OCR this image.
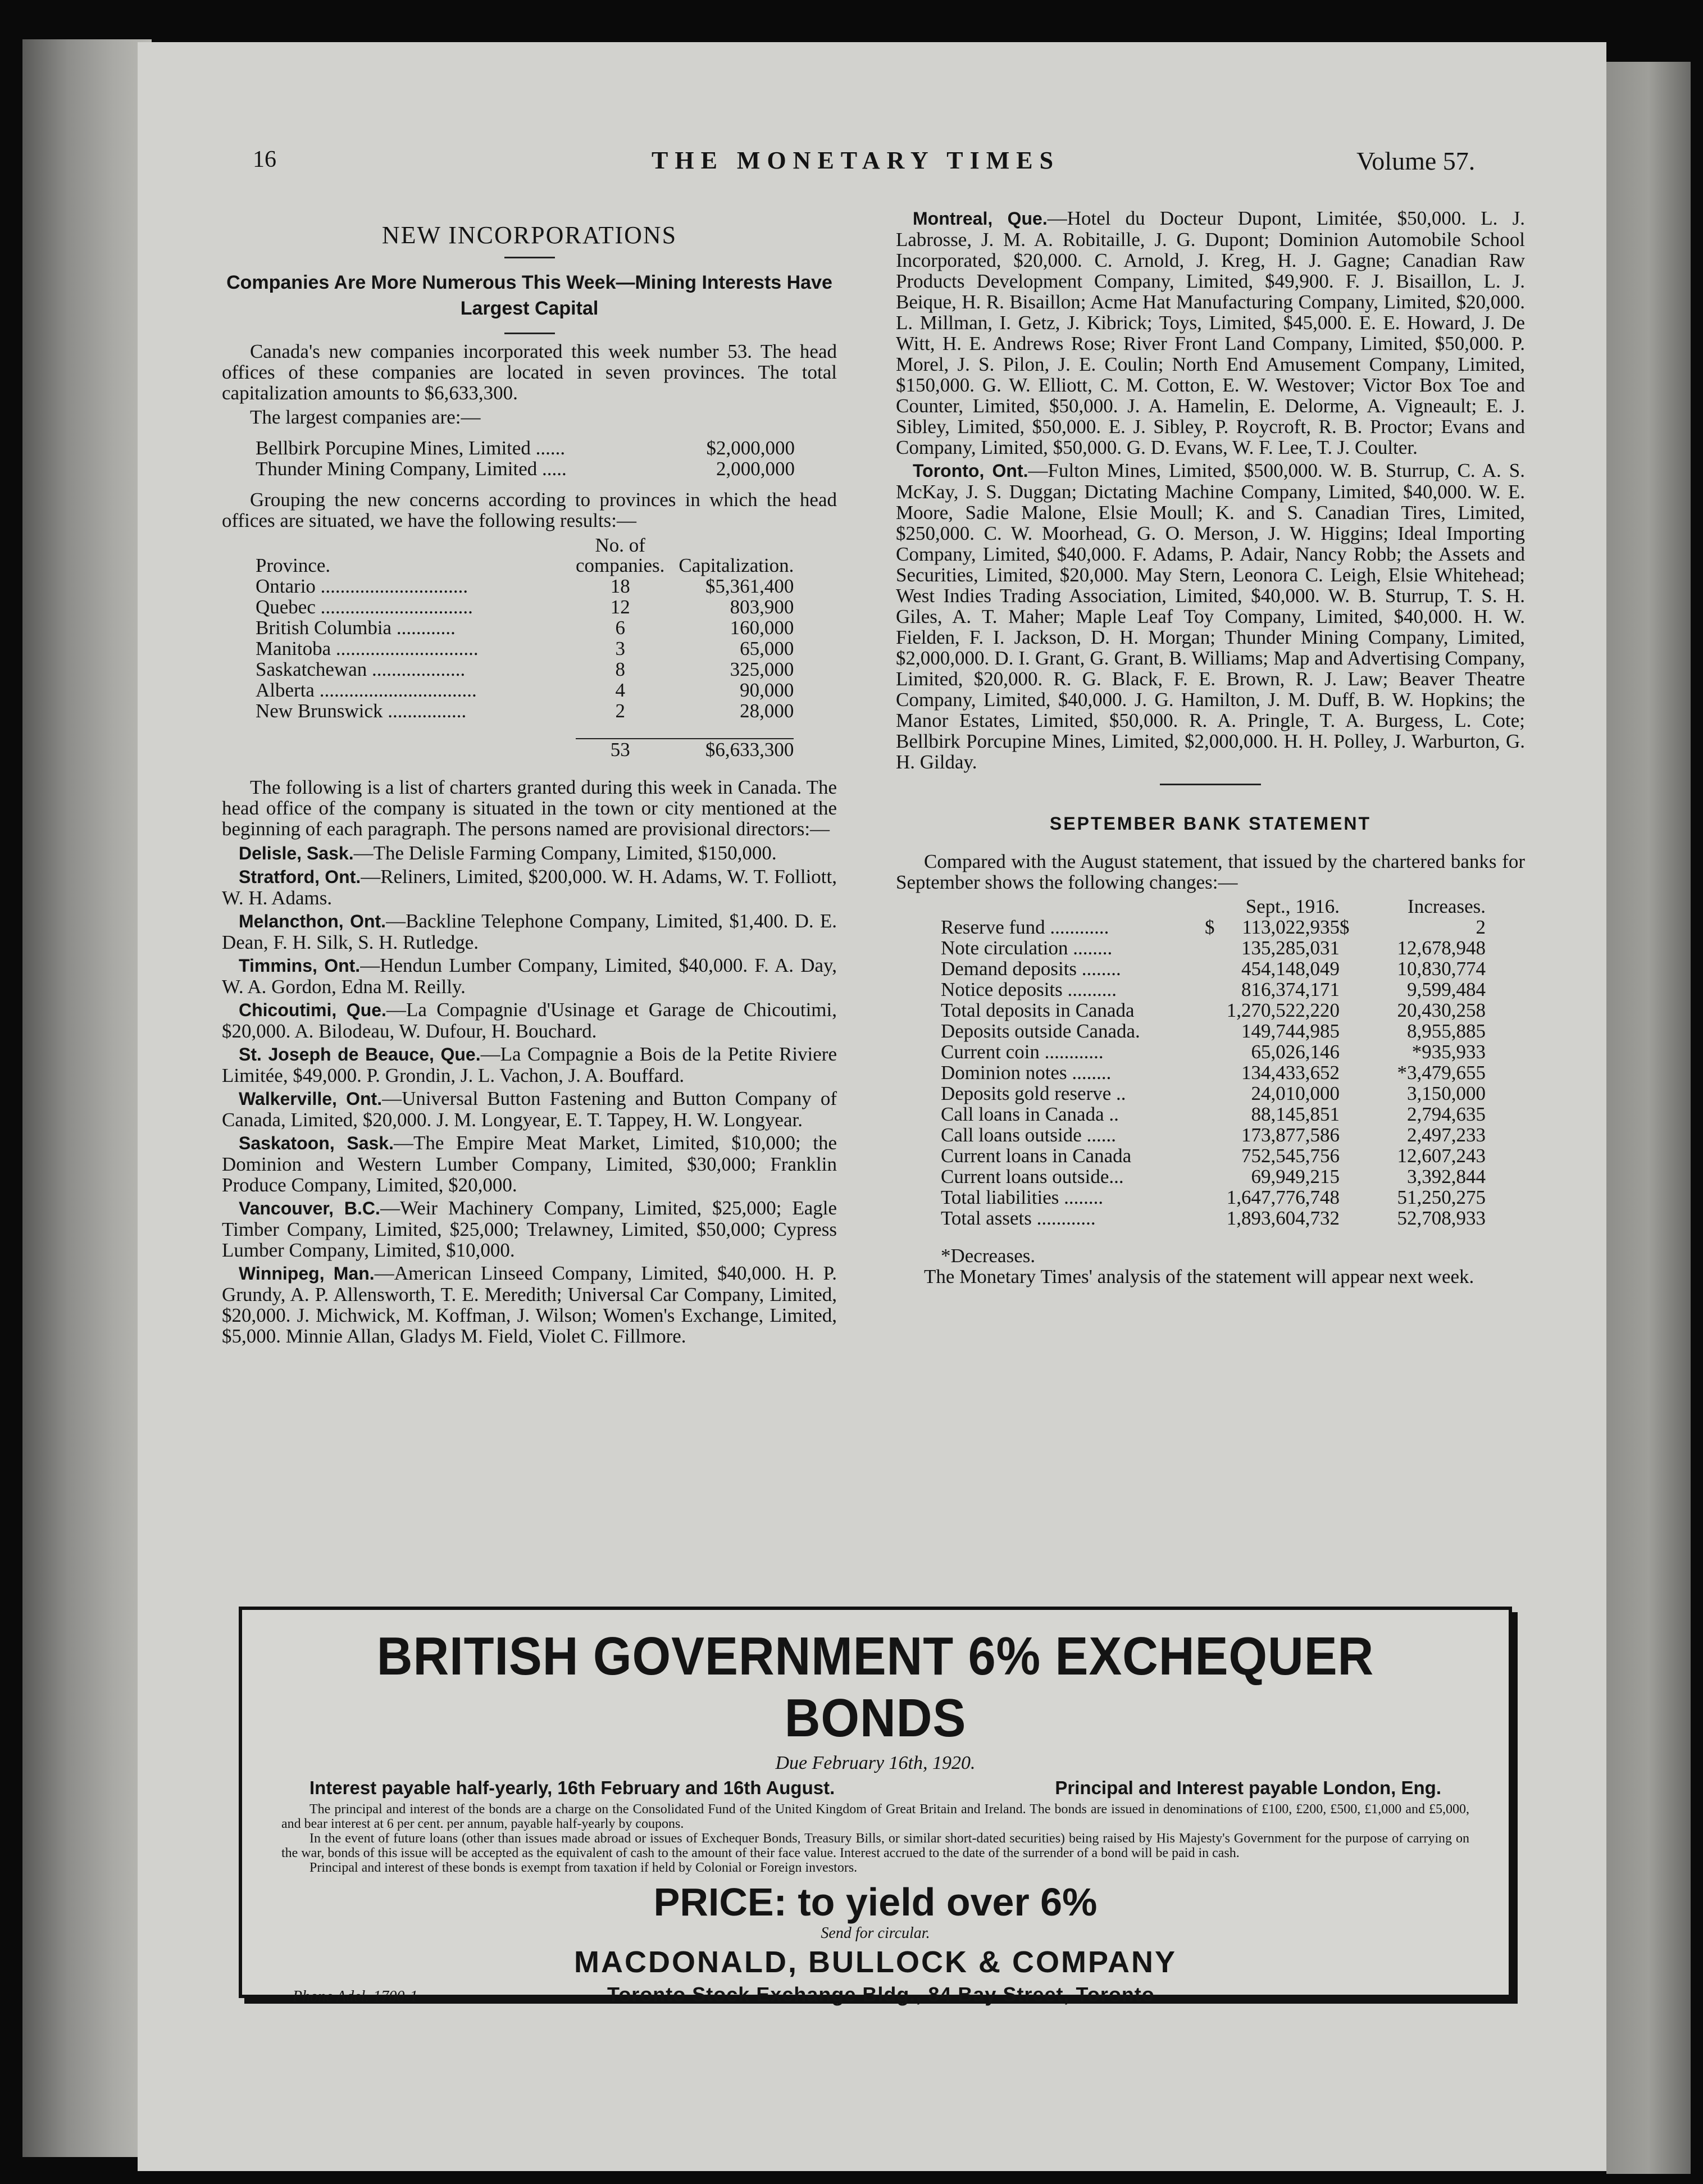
16	THE MONETARY TIMES	Volume 57.
NEW INCORPORATIONS
Companies Are More Numerous This Week—Mining Interests Have Largest Capital

Canada's new companies incorporated this week number 53. The head offices of these companies are located in seven provinces. The total capitalization amounts to $6,633,300.

The largest companies are:—

Bellbirk Porcupine Mines, Limited ......	$2,000,000
Thunder Mining Company, Limited .....	2,000,000

Grouping the new concerns according to provinces in which the head offices are situated, we have the following results:—

Province.	No. of companies.	Capitalization.
Ontario ..............................	18	$5,361,400
Quebec ...............................	12	803,900
British Columbia ............	6	160,000
Manitoba .............................	3	65,000
Saskatchewan ...................	8	325,000
Alberta ................................	4	90,000
New Brunswick ................	2	28,000

53	$6,633,300

The following is a list of charters granted during this week in Canada. The head office of the company is situated in the town or city mentioned at the beginning of each paragraph. The persons named are provisional directors:—

Delisle, Sask.—The Delisle Farming Company, Limited, $150,000.

Stratford, Ont.—Reliners, Limited, $200,000. W. H. Adams, W. T. Folliott, W. H. Adams.

Melancthon, Ont.—Backline Telephone Company, Limited, $1,400. D. E. Dean, F. H. Silk, S. H. Rutledge.

Timmins, Ont.—Hendun Lumber Company, Limited, $40,000. F. A. Day, W. A. Gordon, Edna M. Reilly.

Chicoutimi, Que.—La Compagnie d'Usinage et Garage de Chicoutimi, $20,000. A. Bilodeau, W. Dufour, H. Bouchard.

St. Joseph de Beauce, Que.—La Compagnie a Bois de la Petite Riviere Limitée, $49,000. P. Grondin, J. L. Vachon, J. A. Bouffard.

Walkerville, Ont.—Universal Button Fastening and Button Company of Canada, Limited, $20,000. J. M. Longyear, E. T. Tappey, H. W. Longyear.

Saskatoon, Sask.—The Empire Meat Market, Limited, $10,000; the Dominion and Western Lumber Company, Limited, $30,000; Franklin Produce Company, Limited, $20,000.

Vancouver, B.C.—Weir Machinery Company, Limited, $25,000; Eagle Timber Company, Limited, $25,000; Trelawney, Limited, $50,000; Cypress Lumber Company, Limited, $10,000.

Winnipeg, Man.—American Linseed Company, Limited, $40,000. H. P. Grundy, A. P. Allensworth, T. E. Meredith; Universal Car Company, Limited, $20,000. J. Michwick, M. Koffman, J. Wilson; Women's Exchange, Limited, $5,000. Minnie Allan, Gladys M. Field, Violet C. Fillmore.

Montreal, Que.—Hotel du Docteur Dupont, Limitée, $50,000. L. J. Labrosse, J. M. A. Robitaille, J. G. Dupont; Dominion Automobile School Incorporated, $20,000. C. Arnold, J. Kreg, H. J. Gagne; Canadian Raw Products Development Company, Limited, $49,900. F. J. Bisaillon, L. J. Beique, H. R. Bisaillon; Acme Hat Manufacturing Company, Limited, $20,000. L. Millman, I. Getz, J. Kibrick; Toys, Limited, $45,000. E. E. Howard, J. De Witt, H. E. Andrews Rose; River Front Land Company, Limited, $50,000. P. Morel, J. S. Pilon, J. E. Coulin; North End Amusement Company, Limited, $150,000. G. W. Elliott, C. M. Cotton, E. W. Westover; Victor Box Toe and Counter, Limited, $50,000. J. A. Hamelin, E. Delorme, A. Vigneault; E. J. Sibley, Limited, $50,000. E. J. Sibley, P. Roycroft, R. B. Proctor; Evans and Company, Limited, $50,000. G. D. Evans, W. F. Lee, T. J. Coulter.

Toronto, Ont.—Fulton Mines, Limited, $500,000. W. B. Sturrup, C. A. S. McKay, J. S. Duggan; Dictating Machine Company, Limited, $40,000. W. E. Moore, Sadie Malone, Elsie Moull; K. and S. Canadian Tires, Limited, $250,000. C. W. Moorhead, G. O. Merson, J. W. Higgins; Ideal Importing Company, Limited, $40,000. F. Adams, P. Adair, Nancy Robb; the Assets and Securities, Limited, $20,000. May Stern, Leonora C. Leigh, Elsie Whitehead; West Indies Trading Association, Limited, $40,000. W. B. Sturrup, T. S. H. Giles, A. T. Maher; Maple Leaf Toy Company, Limited, $40,000. H. W. Fielden, F. I. Jackson, D. H. Morgan; Thunder Mining Company, Limited, $2,000,000. D. I. Grant, G. Grant, B. Williams; Map and Advertising Company, Limited, $20,000. R. G. Black, F. E. Brown, R. J. Law; Beaver Theatre Company, Limited, $40,000. J. G. Hamilton, J. M. Duff, B. W. Hopkins; the Manor Estates, Limited, $50,000. R. A. Pringle, T. A. Burgess, L. Cote; Bellbirk Porcupine Mines, Limited, $2,000,000. H. H. Polley, J. Warburton, G. H. Gilday.

SEPTEMBER BANK STATEMENT

Compared with the August statement, that issued by the chartered banks for September shows the following changes:—

		Sept., 1916.		Increases.
Reserve fund ............	$	113,022,935	$	2
Note circulation ........		135,285,031		12,678,948
Demand deposits ........		454,148,049		10,830,774
Notice deposits ..........		816,374,171		9,599,484
Total deposits in Canada		1,270,522,220		20,430,258
Deposits outside Canada.		149,744,985		8,955,885
Current coin ............		65,026,146		*935,933
Dominion notes ........		134,433,652		*3,479,655
Deposits gold reserve ..		24,010,000		3,150,000
Call loans in Canada ..		88,145,851		2,794,635
Call loans outside ......		173,877,586		2,497,233
Current loans in Canada		752,545,756		12,607,243
Current loans outside...		69,949,215		3,392,844
Total liabilities ........		1,647,776,748		51,250,275
Total assets ............		1,893,604,732		52,708,933

*Decreases.

The Monetary Times' analysis of the statement will appear next week.

BRITISH GOVERNMENT 6% EXCHEQUER BONDS
Due February 16th, 1920.
Interest payable half-yearly, 16th February and 16th August.	Principal and Interest payable London, Eng.

The principal and interest of the bonds are a charge on the Consolidated Fund of the United Kingdom of Great Britain and Ireland. The bonds are issued in denominations of £100, £200, £500, £1,000 and £5,000, and bear interest at 6 per cent. per annum, payable half-yearly by coupons.

In the event of future loans (other than issues made abroad or issues of Exchequer Bonds, Treasury Bills, or similar short-dated securities) being raised by His Majesty's Government for the purpose of carrying on the war, bonds of this issue will be accepted as the equivalent of cash to the amount of their face value. Interest accrued to the date of the surrender of a bond will be paid in cash.

Principal and interest of these bonds is exempt from taxation if held by Colonial or Foreign investors.

PRICE: to yield over 6%
Send for circular.
MACDONALD, BULLOCK & COMPANY
Phone Adel. 1700-1	Toronto Stock Exchange Bldg., 84 Bay Street, Toronto
